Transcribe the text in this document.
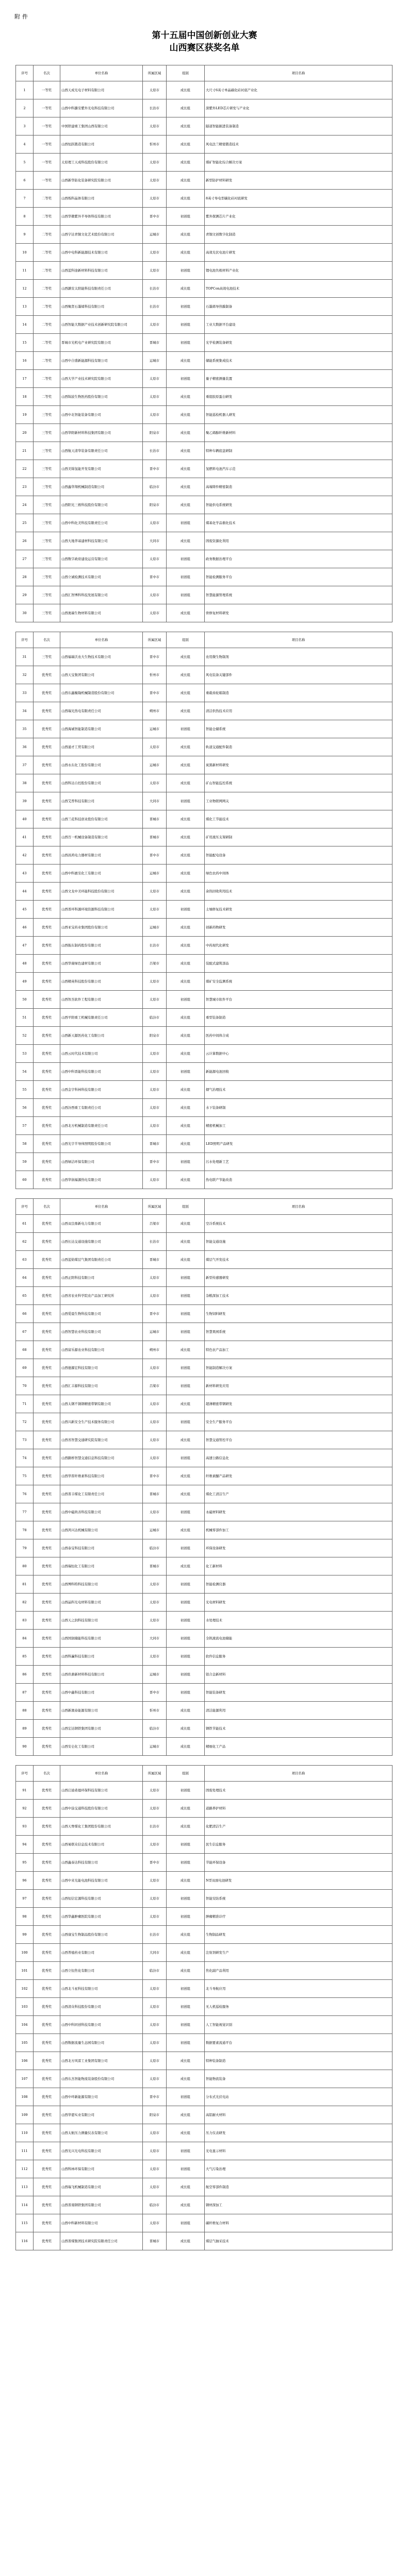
附件
第十五届中国创新创业大赛
山西赛区获奖名单
序号	名次	单位名称	所属区域	组别	项目名称
1	一等奖	山西天成光电子材料有限公司	太原市	成长组	大尺寸6英寸单晶碳化硅衬底产业化
2	一等奖	山西中科潞安紫外光电科技有限公司	长治市	成长组	深紫外LED芯片研发与产业化
3	一等奖	中国铁建重工集团山西有限公司	太原市	成长组	隧道智能掘进装备制造
4	一等奖	山西恒跃锻造有限公司	忻州市	成长组	风电法兰精密锻造技术
5	一等奖	太原理工天成科技股份有限公司	太原市	成长组	煤矿智能化综合解决方案
6	一等奖	山西新华防化装备研究院有限公司	太原市	成长组	新型防护材料研发
7	二等奖	山西烁科晶体有限公司	太原市	成长组	8英寸导电型碳化硅衬底研发
8	二等奖	山西华微紫外半导体科技有限公司	晋中市	初创组	紫外探测芯片产业化
9	二等奖	山西宇达青铜文化艺术股份有限公司	运城市	成长组	青铜文创数字化制造
10	二等奖	山西中电科新能源技术有限公司	太原市	成长组	高效光伏电池片研发
11	二等奖	山西蓝科途新材料科技有限公司	太原市	初创组	锂电池负极材料产业化
12	二等奖	山西潞安太阳能科技有限责任公司	长治市	成长组	TOPCon高效电池技术
13	二等奖	山西聚贤石墨烯科技有限公司	长治市	初创组	石墨烯导热膜制备
14	二等奖	山西智能大数据产业技术创新研究院有限公司	太原市	初创组	工业大数据平台建设
15	二等奖	晋城市光机电产业研究院有限公司	晋城市	初创组	光学检测装备研发
16	二等奖	山西中合盛新能源科技有限公司	运城市	成长组	储能系统集成技术
17	二等奖	山西大学产业技术研究院有限公司	太原市	初创组	量子精密测量装置
18	二等奖	山西锦波生物医药股份有限公司	太原市	成长组	重组胶原蛋白研发
19	三等奖	山西中北智能装备有限公司	太原市	成长组	智能巡检机器人研发
20	三等奖	山西华阳新材料科技集团有限公司	阳泉市	成长组	聚乙烯醇纤维新材料
21	三等奖	山西航天清华装备有限责任公司	长治市	成长组	特种车辆底盘研制
22	三等奖	山西美锦氢能开发有限公司	晋中市	成长组	氢燃料电池汽车示范
23	三等奖	山西鑫华翔机械制造有限公司	临汾市	成长组	高端铸件精密制造
24	三等奖	山西阳光三极科技股份有限公司	阳泉市	成长组	智能供电系统研发
25	三等奖	山西中科化美科技有限责任公司	太原市	初创组	煤基化学品催化技术
26	三等奖	山西大地华基建材科技有限公司	大同市	成长组	固废资源化利用
27	三等奖	山西数字政府建设运营有限公司	太原市	初创组	政务数据治理平台
28	三等奖	山西立诚检测技术有限公司	晋中市	初创组	智能检测服务平台
29	三等奖	山西汇智博科科技发展有限公司	太原市	初创组	智慧能源管理系统
30	三等奖	山西奥瑞生物材料有限公司	太原市	成长组	骨修复材料研发
序号	名次	单位名称	所属区域	组别	项目名称
31	三等奖	山西福瑞沃农大生物技术有限公司	晋中市	成长组	农用微生物制剂
32	优秀奖	山西天宝集团有限公司	忻州市	成长组	风电装备关键部件
33	优秀奖	山西东鑫衡隆机械制造股份有限公司	晋中市	成长组	重载齿轮箱制造
34	优秀奖	山西瑞光热电有限责任公司	朔州市	成长组	清洁供热技术应用
35	优秀奖	山西海诚智能制造有限公司	运城市	初创组	智能仓储系统
36	优秀奖	山西通才工贸有限公司	太原市	成长组	轨道交通配件制造
37	优秀奖	山西永东化工股份有限公司	运城市	成长组	炭黑新材料研发
38	优秀奖	山西科达自控股份有限公司	太原市	成长组	矿山智能监控系统
39	优秀奖	山西艾普科技有限公司	大同市	初创组	工业物联网网关
40	优秀奖	山西兰花科技创业股份有限公司	晋城市	成长组	煤化工节能技术
41	优秀奖	山西百一机械设备制造有限公司	晋城市	成长组	矿用液压支架研制
42	优秀奖	山西昌鸿电力器材有限公司	晋中市	成长组	智能配电设备
43	优秀奖	山西中科惠安化工有限公司	运城市	成长组	绿色农药中间体
44	优秀奖	山西文龙中美环能科技股份有限公司	太原市	成长组	余热回收利用技术
45	优秀奖	山西晋环科源环境资源科技有限公司	太原市	初创组	土壤修复技术研发
46	优秀奖	山西亚宝药业集团股份有限公司	运城市	成长组	创新药物研发
47	优秀奖	山西振东制药股份有限公司	长治市	成长组	中药现代化研发
48	优秀奖	山西华康绿色建材有限公司	吕梁市	成长组	装配式建筑部品
49	优秀奖	山西精英科技股份有限公司	太原市	成长组	煤矿安全监测系统
50	优秀奖	山西智杰软件工程有限公司	太原市	初创组	智慧城市软件平台
51	优秀奖	山西平阳重工机械有限责任公司	临汾市	成长组	重型装备制造
52	优秀奖	山西新天源医药化工有限公司	阳泉市	成长组	医药中间体合成
53	优秀奖	山西云时代技术有限公司	太原市	成长组	云计算数据中心
54	优秀奖	山西中科晋能科技有限公司	太原市	初创组	新能源电池回收
55	优秀奖	山西金宇科林科技有限公司	太原市	成长组	烟气治理技术
56	优秀奖	山西汾西重工有限责任公司	太原市	成长组	水下装备研制
57	优秀奖	山西北方机械制造有限责任公司	太原市	成长组	精密机械加工
58	优秀奖	山西光宇半导体照明股份有限公司	晋城市	成长组	LED照明产品研发
59	优秀奖	山西绿洁环保有限公司	晋中市	初创组	污水处理新工艺
60	优秀奖	山西华润福源热电有限公司	太原市	成长组	热电联产节能改造
序号	名次	单位名称	所属区域	组别	项目名称
61	优秀奖	山西双良鼎新电力有限公司	吕梁市	成长组	空冷系统技术
62	优秀奖	山西长达交通设施有限公司	长治市	成长组	智能交通设施
63	优秀奖	山西蓝焰煤层气集团有限责任公司	晋城市	成长组	煤层气开发技术
64	优秀奖	山西正阳科技有限公司	太原市	初创组	新型传感器研发
65	优秀奖	山西省农业科学院农产品加工研究所	太原市	初创组	杂粮深加工技术
66	优秀奖	山西爱晨生物科技有限公司	晋中市	初创组	生物饲料研发
67	优秀奖	山西智慧农业科技有限公司	运城市	初创组	智慧果园系统
68	优秀奖	山西富乐源农业科技有限公司	朔州市	成长组	特色农产品加工
69	优秀奖	山西德源宏科技有限公司	太原市	初创组	智能制造解决方案
70	优秀奖	山西汇丰源科技有限公司	吕梁市	初创组	新材料研发应用
71	优秀奖	山西太钢不锈钢精密带钢有限公司	太原市	成长组	超薄精密带钢研发
72	优秀奖	山西兴新安全生产技术服务有限公司	太原市	初创组	安全生产服务平台
73	优秀奖	山西省智慧交通研究院有限公司	太原市	成长组	智慧交通管控平台
74	优秀奖	山西路桥智慧交通信息科技有限公司	太原市	初创组	高速公路信息化
75	优秀奖	山西华晋纤维素科技有限公司	晋中市	成长组	纤维素醚产品研发
76	优秀奖	山西晋丰煤化工有限责任公司	晋城市	成长组	煤化工清洁生产
77	优秀奖	山西中磁尚善科技有限公司	太原市	初创组	永磁材料研发
78	优秀奖	山西鸿兴达机械有限公司	运城市	成长组	机械零部件加工
79	优秀奖	山西泰宝科技有限公司	临汾市	初创组	环保设备研发
80	优秀奖	山西瑞恒化工有限公司	晋城市	成长组	化工新材料
81	优秀奖	山西博科特科技有限公司	太原市	初创组	智能检测仪器
82	优秀奖	山西晶科光电材料有限公司	太原市	初创组	光电材料研发
83	优秀奖	山西天之润科技有限公司	太原市	初创组	水处理技术
84	优秀奖	山西国润储能科技有限公司	大同市	初创组	全钒液流电池储能
85	优秀奖	山西科灜科技有限公司	太原市	初创组	软件信息服务
86	优秀奖	山西玖鼎新材料科技有限公司	运城市	初创组	铝合金新材料
87	优秀奖	山西中鑫科技有限公司	晋中市	初创组	智能装备研发
88	优秀奖	山西新澳泰能源有限公司	忻州市	成长组	清洁能源利用
89	优秀奖	山西宏达钢铁集团有限公司	临汾市	成长组	钢铁节能技术
90	优秀奖	山西安仑化工有限公司	运城市	成长组	精细化工产品
序号	名次	单位名称	所属区域	组别	项目名称
91	优秀奖	山西启迪桑德环保科技有限公司	太原市	初创组	固废处理技术
92	优秀奖	山西中涂交通科技股份有限公司	太原市	成长组	道路养护材料
93	优秀奖	山西天脊煤化工集团股份有限公司	长治市	成长组	化肥清洁生产
94	优秀奖	山西易联众信息技术有限公司	太原市	初创组	民生信息服务
95	优秀奖	山西鑫泰达科技有限公司	晋中市	初创组	节能环保设备
96	优秀奖	山西中来光能电池科技有限公司	太原市	成长组	N型双面电池研发
97	优秀奖	山西恒信宏源科技有限公司	太原市	初创组	智能安防系统
98	优秀奖	山西华鑫肿瘤医院有限公司	太原市	初创组	肿瘤精准诊疗
99	优秀奖	山西康宝生物制品股份有限公司	长治市	成长组	生物制品研发
100	优秀奖	山西普德药业有限公司	大同市	成长组	注射剂研发生产
101	优秀奖	山西立恒焦化有限公司	临汾市	成长组	焦化副产品利用
102	优秀奖	山西北斗星科技有限公司	太原市	初创组	北斗导航应用
103	优秀奖	山西清众科技股份有限公司	太原市	初创组	无人机巡检服务
104	优秀奖	山西中科同创科技有限公司	太原市	初创组	人工智能视觉识别
105	优秀奖	山西数据流量生态园有限公司	太原市	初创组	数据要素流通平台
106	优秀奖	山西北方风雷工业集团有限公司	太原市	成长组	特种装备制造
107	优秀奖	山西东杰智能物流装备股份有限公司	太原市	成长组	智能物流装备
108	优秀奖	山西中环新能源有限公司	晋中市	初创组	分布式光伏电站
109	优秀奖	山西华恩实业有限公司	阳泉市	成长组	高铝耐火材料
110	优秀奖	山西太航压力测量仪表有限公司	太原市	成长组	压力仪表研发
111	优秀奖	山西光兴光电科技有限公司	太原市	初创组	光电显示材料
112	优秀奖	山西科林环保有限公司	太原市	初创组	大气污染治理
113	优秀奖	山西瑞飞机械制造有限公司	太原市	成长组	航空零部件制造
114	优秀奖	山西晋南钢铁集团有限公司	临汾市	成长组	钢材深加工
115	优秀奖	山西中科新材料有限公司	太原市	初创组	碳纤维复合材料
116	优秀奖	山西晋煤集团技术研究院有限责任公司	晋城市	成长组	煤层气抽采技术
